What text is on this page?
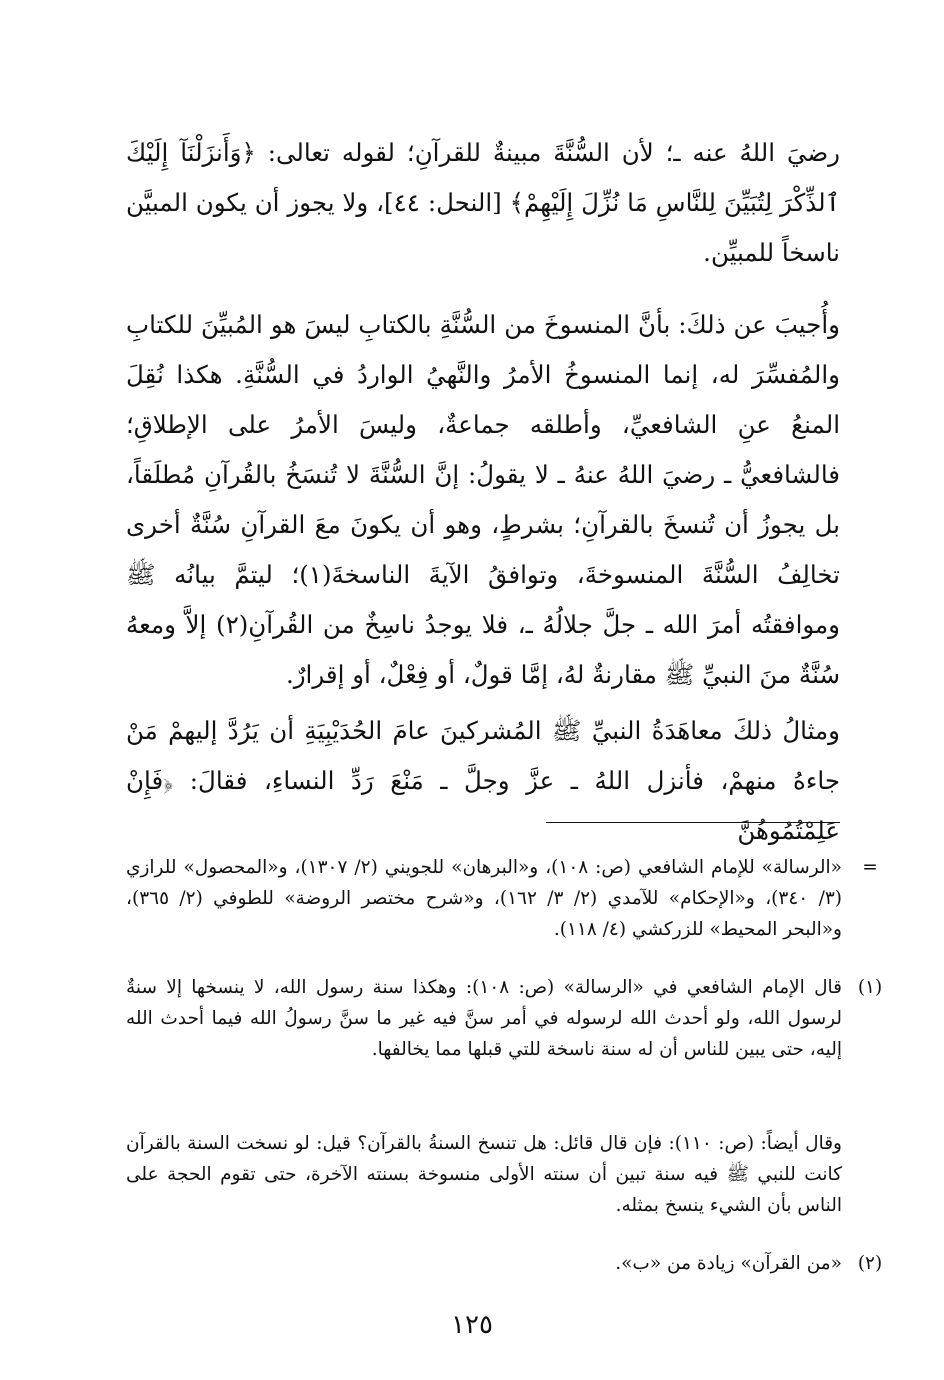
رضيَ اللهُ عنه ـ؛ لأن السُّنَّةَ مبينةٌ للقرآنِ؛ لقوله تعالى: ﴿وَأَنزَلْنَآ إِلَيْكَ ٱلذِّكْرَ لِتُبَيِّنَ لِلنَّاسِ مَا نُزِّلَ إِلَيْهِمْ﴾ [النحل: ٤٤]، ولا يجوز أن يكون المبيَّن ناسخاً للمبيِّن.

وأُجيبَ عن ذلكَ: بأنَّ المنسوخَ من السُّنَّةِ بالكتابِ ليسَ هو المُبيِّنَ للكتابِ والمُفسِّرَ له، إنما المنسوخُ الأمرُ والنَّهيُ الواردُ في السُّنَّةِ. هكذا نُقِلَ المنعُ عنِ الشافعيِّ، وأطلقه جماعةٌ، وليسَ الأمرُ على الإطلاقِ؛ فالشافعيُّ ـ رضيَ اللهُ عنهُ ـ لا يقولُ: إنَّ السُّنَّةَ لا تُنسَخُ بالقُرآنِ مُطلَقاً، بل يجوزُ أن تُنسخَ بالقرآنِ؛ بشرطٍ، وهو أن يكونَ معَ القرآنِ سُنَّةٌ أخرى تخالِفُ السُّنَّةَ المنسوخةَ، وتوافقُ الآيةَ الناسخةَ(١)؛ ليتمَّ بيانُه ﷺ وموافقتُه أمرَ الله ـ جلَّ جلالُهُ ـ، فلا يوجدُ ناسِخٌ من القُرآنِ(٢) إلاَّ ومعهُ سُنَّةٌ منَ النبيِّ ﷺ مقارنةٌ لهُ، إمَّا قولٌ، أو فِعْلٌ، أو إقرارٌ.

ومثالُ ذلكَ معاهَدَةُ النبيِّ ﷺ المُشركينَ عامَ الحُدَيْبِيَةِ أن يَرُدَّ إليهمْ مَنْ جاءهُ منهمْ، فأنزل اللهُ ـ عزَّ وجلَّ ـ مَنْعَ رَدِّ النساءِ، فقالَ: ﴿فَإِنْ عَلِمْتُمُوهُنَّ

=
«الرسالة» للإمام الشافعي (ص: ١٠٨)، و«البرهان» للجويني (٢/ ١٣٠٧)، و«المحصول» للرازي (٣/ ٣٤٠)، و«الإحكام» للآمدي (٢/ ٣/ ١٦٢)، و«شرح مختصر الروضة» للطوفي (٢/ ٣٦٥)، و«البحر المحيط» للزركشي (٤/ ١١٨).
(١)
قال الإمام الشافعي في «الرسالة» (ص: ١٠٨): وهكذا سنة رسول الله، لا ينسخها إلا سنةٌ لرسول الله، ولو أحدث الله لرسوله في أمر سنَّ فيه غير ما سنَّ رسولُ الله فيما أحدث الله إليه، حتى يبين للناس أن له سنة ناسخة للتي قبلها مما يخالفها.
وقال أيضاً: (ص: ١١٠): فإن قال قائل: هل تنسخ السنةُ بالقرآن؟ قيل: لو نسخت السنة بالقرآن كانت للنبي ﷺ فيه سنة تبين أن سنته الأولى منسوخة بسنته الآخرة، حتى تقوم الحجة على الناس بأن الشيء ينسخ بمثله.
(٢)
«من القرآن» زيادة من «ب».
١٢٥
